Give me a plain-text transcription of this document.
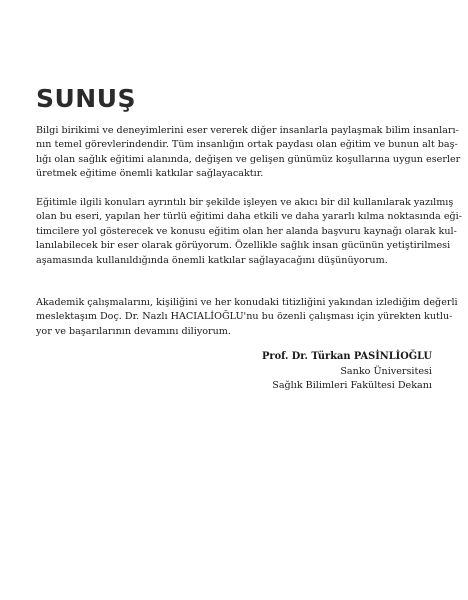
SUNUŞ

Bilgi birikimi ve deneyimlerini eser vererek diğer insanlarla paylaşmak bilim insanları-
nın temel görevlerindendir. Tüm insanlığın ortak paydası olan eğitim ve bunun alt baş-
lığı olan sağlık eğitimi alanında, değişen ve gelişen günümüz koşullarına uygun eserler
üretmek eğitime önemli katkılar sağlayacaktır.

Eğitimle ilgili konuları ayrıntılı bir şekilde işleyen ve akıcı bir dil kullanılarak yazılmış
olan bu eseri, yapılan her türlü eğitimi daha etkili ve daha yararlı kılma noktasında eği-
timcilere yol gösterecek ve konusu eğitim olan her alanda başvuru kaynağı olarak kul-
lanılabilecek bir eser olarak görüyorum. Özellikle sağlık insan gücünün yetiştirilmesi
aşamasında kullanıldığında önemli katkılar sağlayacağını düşünüyorum.

Akademik çalışmalarını, kişiliğini ve her konudaki titizliğini yakından izlediğim değerli
meslektaşım Doç. Dr. Nazlı HACIALİOĞLU'nu bu özenli çalışması için yürekten kutlu-
yor ve başarılarının devamını diliyorum.

Prof. Dr. Türkan PASİNLİOĞLU
Sanko Üniversitesi
Sağlık Bilimleri Fakültesi Dekanı
